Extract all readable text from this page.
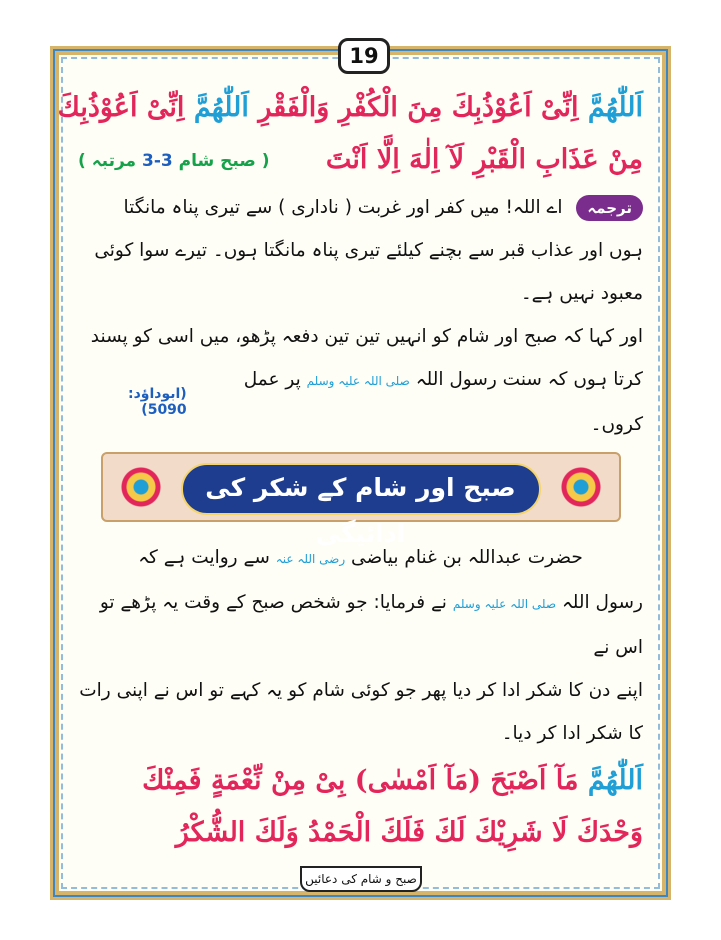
19
اَللّٰهُمَّ اِنِّیْ اَعُوْذُبِكَ مِنَ الْكُفْرِ وَالْفَقْرِ اَللّٰهُمَّ اِنِّیْ اَعُوْذُبِكَ
مِنْ عَذَابِ الْقَبْرِ لَآ اِلٰهَ اِلَّا اَنْتَ
( صبح شام 3-3 مرتبہ )
ترجمہ اے اللہ! میں کفر اور غربت ( ناداری ) سے تیری پناہ مانگتا
ہوں اور عذاب قبر سے بچنے کیلئے تیری پناہ مانگتا ہوں۔ تیرے سوا کوئی
معبود نہیں ہے۔
اور کہا کہ صبح اور شام کو انہیں تین تین دفعہ پڑھو، میں اسی کو پسند
کرتا ہوں کہ سنت رسول اللہ صلی اللہ علیہ وسلم پر عمل کروں۔
(ابوداؤد: 5090)
صبح اور شام کے شکر کی ادائیگی
حضرت عبداللہ بن غنام بیاضی رضی اللہ عنہ سے روایت ہے کہ
رسول اللہ صلی اللہ علیہ وسلم نے فرمایا: جو شخص صبح کے وقت یہ پڑھے تو اس نے
اپنے دن کا شکر ادا کر دیا پھر جو کوئی شام کو یہ کہے تو اس نے اپنی رات
کا شکر ادا کر دیا۔
اَللّٰهُمَّ مَآ اَصْبَحَ (مَآ اَمْسٰی) بِیْ مِنْ نِّعْمَةٍ فَمِنْكَ
وَحْدَكَ لَا شَرِيْكَ لَكَ فَلَكَ الْحَمْدُ وَلَكَ الشُّكْرُ
صبح و شام کی دعائیں
